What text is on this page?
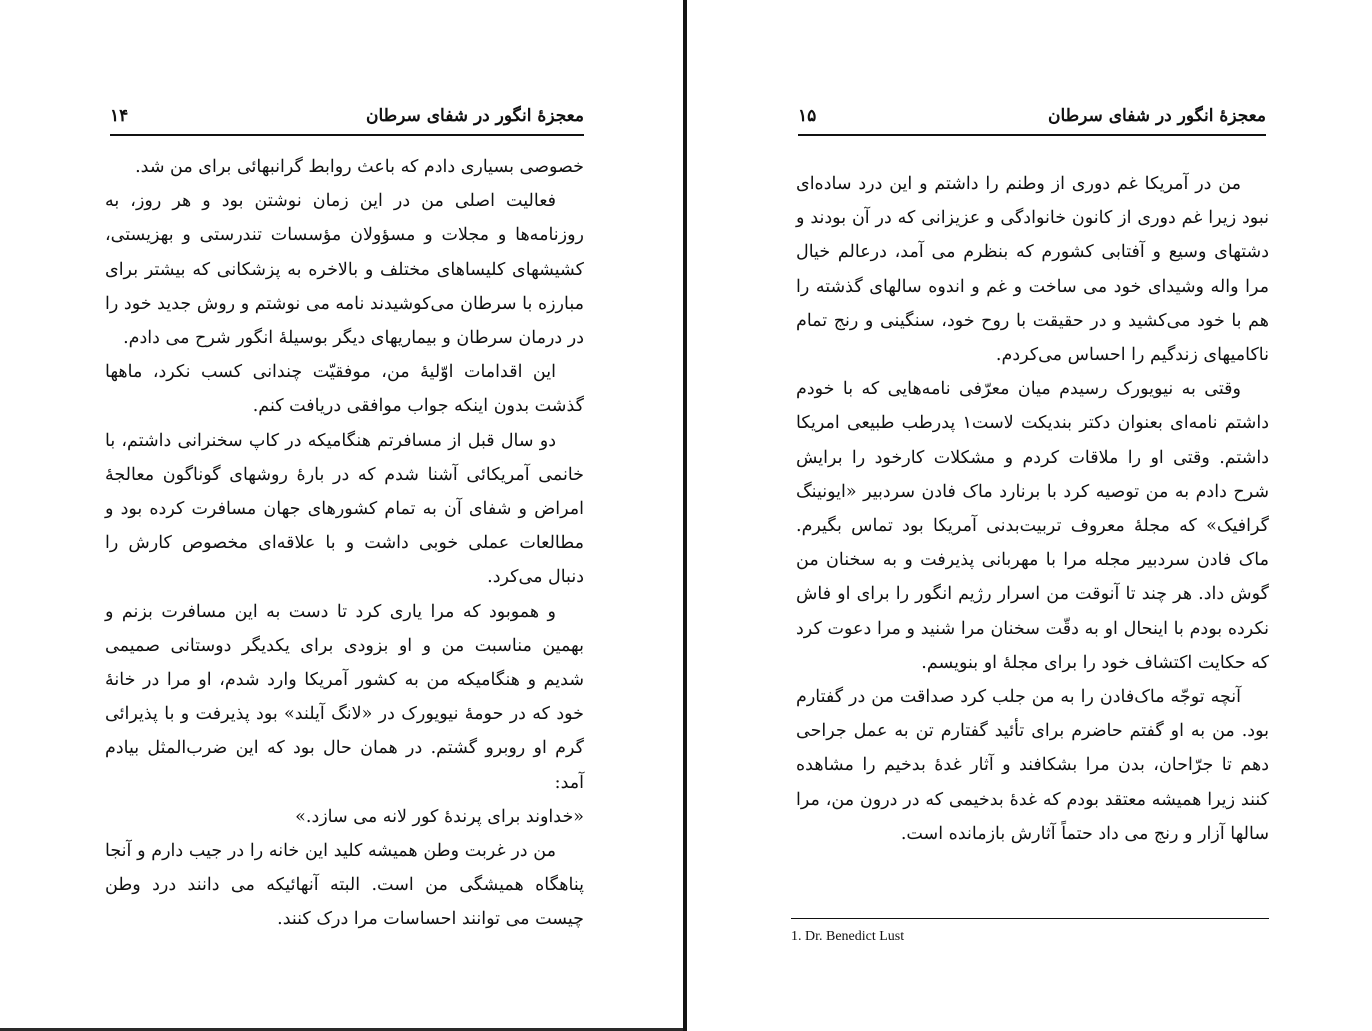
معجزهٔ انگور در شفای سرطان
۱۴

خصوصی بسیاری دادم که باعث روابط گرانبهائی برای من شد.

فعالیت اصلی من در این زمان نوشتن بود و هر روز، به روزنامه‌ها و مجلات و مسؤولان مؤسسات تندرستی و بهزیستی، کشیشهای کلیساهای مختلف و بالاخره به پزشکانی که بیشتر برای مبارزه با سرطان می‌کوشیدند نامه می نوشتم و روش جدید خود را در درمان سرطان و بیماریهای دیگر بوسیلهٔ انگور شرح می دادم.

این اقدامات اوّلیهٔ من، موفقیّت چندانی کسب نکرد، ماهها گذشت بدون اینکه جواب موافقی دریافت کنم.

دو سال قبل از مسافرتم هنگامیکه در کاپ سخنرانی داشتم، با خانمی آمریکائی آشنا شدم که در بارهٔ روشهای گوناگون معالجهٔ امراض و شفای آن به تمام کشورهای جهان مسافرت کرده بود و مطالعات عملی خوبی داشت و با علاقه‌ای مخصوص کارش را دنبال می‌کرد.

و هموبود که مرا یاری کرد تا دست به این مسافرت بزنم و بهمین مناسبت من و او بزودی برای یکدیگر دوستانی صمیمی شدیم و هنگامیکه من به کشور آمریکا وارد شدم، او مرا در خانهٔ خود که در حومهٔ نیویورک در «لانگ آیلند» بود پذیرفت و با پذیرائی گرم او روبرو گشتم. در همان حال بود که این ضرب‌المثل بیادم آمد:

«خداوند برای پرندهٔ کور لانه می سازد.»

من در غربت وطن همیشه کلید این خانه را در جیب دارم و آنجا پناهگاه همیشگی من است. البته آنهائیکه می دانند درد وطن چیست می توانند احساسات مرا درک کنند.

معجزهٔ انگور در شفای سرطان
۱۵

من در آمریکا غم دوری از وطنم را داشتم و این درد ساده‌ای نبود زیرا غم دوری از کانون خانوادگی و عزیزانی که در آن بودند و دشتهای وسیع و آفتابی کشورم که بنظرم می آمد، درعالم خیال مرا واله وشیدای خود می ساخت و غم و اندوه سالهای گذشته را هم با خود می‌کشید و در حقیقت با روح خود، سنگینی و رنج تمام ناکامیهای زندگیم را احساس می‌کردم.

وقتی به نیویورک رسیدم میان معرّفی نامه‌هایی که با خودم داشتم نامه‌ای بعنوان دکتر بندیکت لاست۱ پدرطب طبیعی امریکا داشتم. وقتی او را ملاقات کردم و مشکلات کارخود را برایش شرح دادم به من توصیه کرد با برنارد ماک فادن سردبیر «ایونینگ گرافیک» که مجلهٔ معروف تربیت‌بدنی آمریکا بود تماس بگیرم. ماک فادن سردبیر مجله مرا با مهربانی پذیرفت و به سخنان من گوش داد. هر چند تا آنوقت من اسرار رژیم انگور را برای او فاش نکرده بودم با اینحال او به دقّت سخنان مرا شنید و مرا دعوت کرد که حکایت اکتشاف خود را برای مجلهٔ او بنویسم.

آنچه توجّه ماک‌فادن را به من جلب کرد صداقت من در گفتارم بود. من به او گفتم حاضرم برای تأئید گفتارم تن به عمل جراحی دهم تا جرّاحان، بدن مرا بشکافند و آثار غدهٔ بدخیم را مشاهده کنند زیرا همیشه معتقد بودم که غدهٔ بدخیمی که در درون من، مرا سالها آزار و رنج می داد حتماً آثارش بازمانده است.

1. Dr. Benedict Lust
